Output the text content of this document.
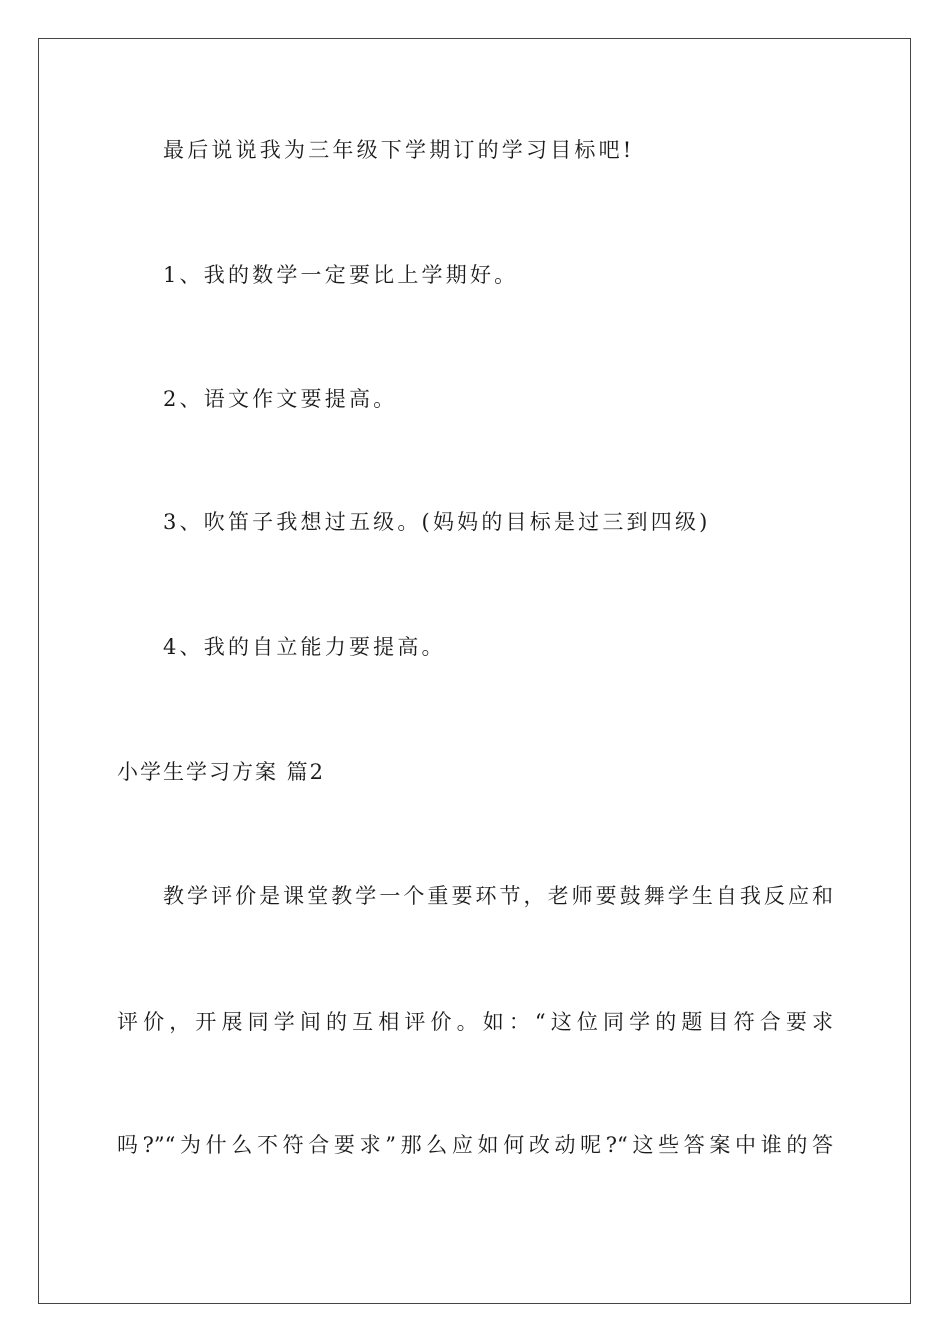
最后说说我为三年级下学期订的学习目标吧!
1、我的数学一定要比上学期好。
2、语文作文要提高。
3、吹笛子我想过五级。(妈妈的目标是过三到四级)
4、我的自立能力要提高。
小学生学习方案 篇2
教学评价是课堂教学一个重要环节，老师要鼓舞学生自我反应和
评价，开展同学间的互相评价。如：“这位同学的题目符合要求
吗?”“为什么不符合要求”那么应如何改动呢?“这些答案中谁的答
